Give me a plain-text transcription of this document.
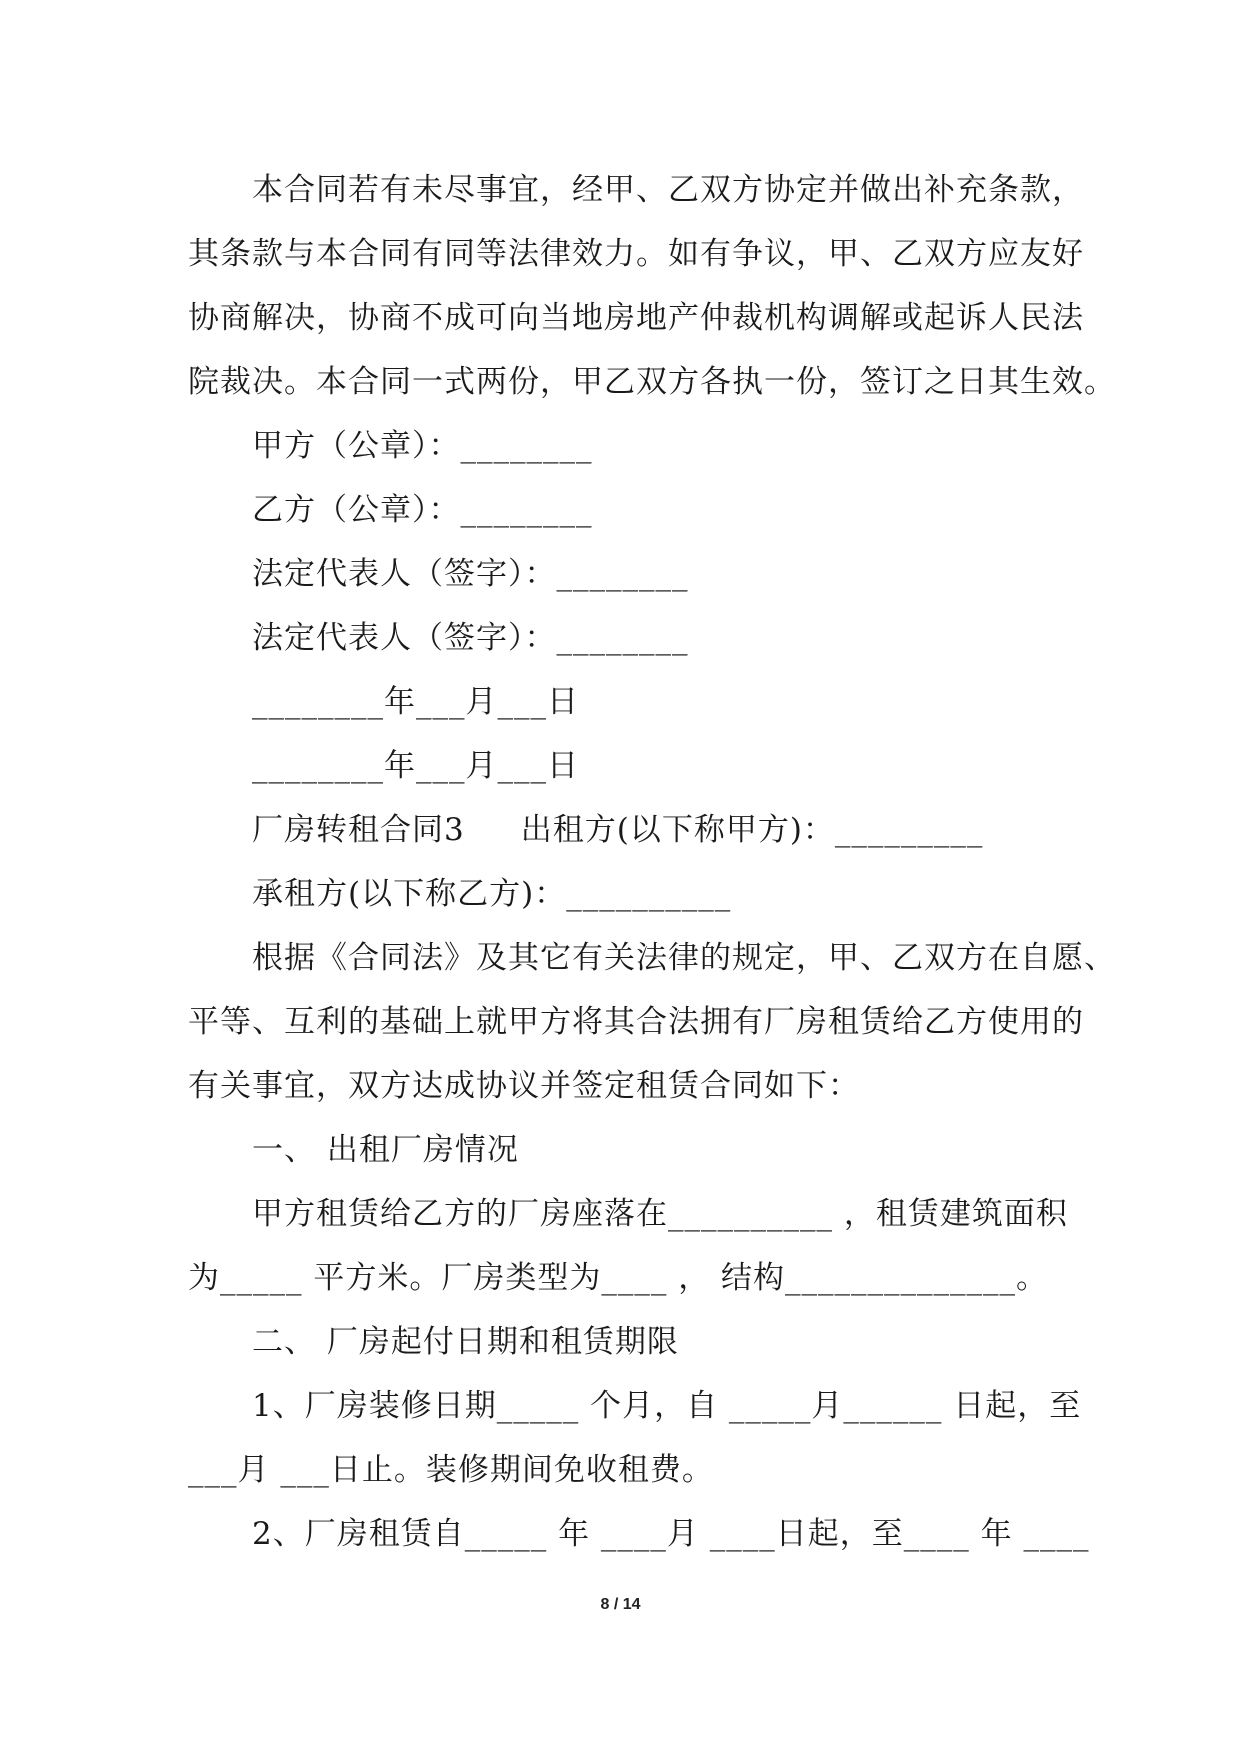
本合同若有未尽事宜，经甲、乙双方协定并做出补充条款，
其条款与本合同有同等法律效力。如有争议，甲、乙双方应友好
协商解决，协商不成可向当地房地产仲裁机构调解或起诉人民法
院裁决。本合同一式两份，甲乙双方各执一份，签订之日其生效。
甲方（公章）：________
乙方（公章）：________
法定代表人（签字）：________
法定代表人（签字）：________
________年___月___日
________年___月___日
厂房转租合同3 出租方(以下称甲方)：_________
承租方(以下称乙方)：__________
根据《合同法》及其它有关法律的规定，甲、乙双方在自愿、
平等、互利的基础上就甲方将其合法拥有厂房租赁给乙方使用的
有关事宜，双方达成协议并签定租赁合同如下：
一、 出租厂房情况
甲方租赁给乙方的厂房座落在__________ ，租赁建筑面积
为_____ 平方米。厂房类型为____ ， 结构______________。
二、 厂房起付日期和租赁期限
1、厂房装修日期_____ 个月，自 _____月______ 日起，至
___月 ___日止。装修期间免收租费。
2、厂房租赁自_____ 年 ____月 ____日起，至____ 年 ____
8 / 14
